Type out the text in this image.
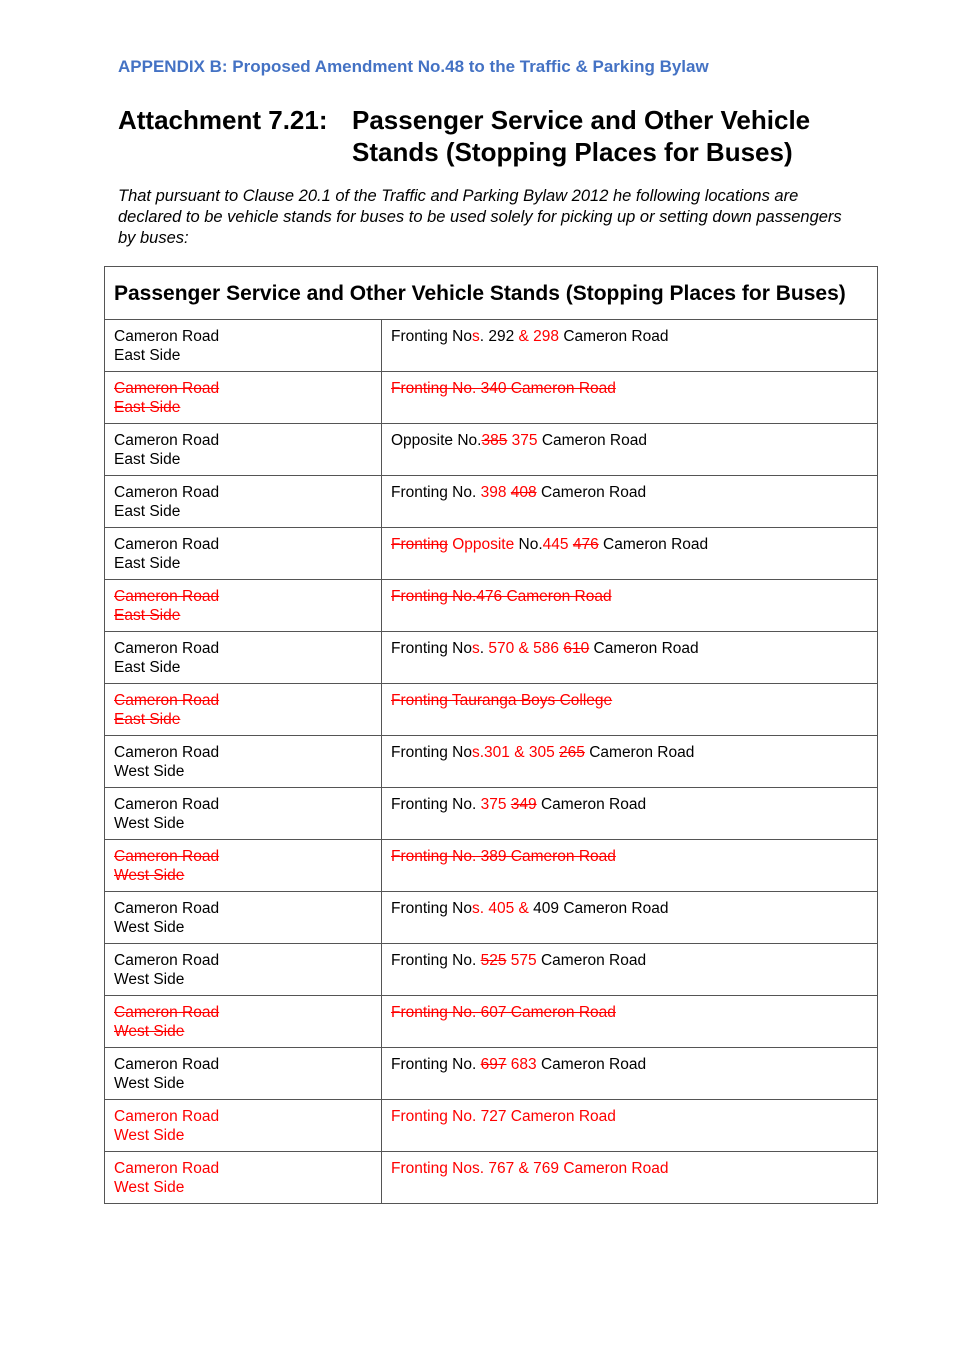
APPENDIX B: Proposed Amendment No.48 to the Traffic & Parking Bylaw
Attachment 7.21: Passenger Service and Other Vehicle Stands (Stopping Places for Buses)
That pursuant to Clause 20.1 of the Traffic and Parking Bylaw 2012 he following locations are declared to be vehicle stands for buses to be used solely for picking up or setting down passengers by buses:
Passenger Service and Other Vehicle Stands (Stopping Places for Buses)	

Cameron Road
East Side	Fronting Nos. 292 & 298 Cameron Road

Cameron Road
East Side	Fronting No. 340 Cameron Road

Cameron Road
East Side	Opposite No.385 375 Cameron Road

Cameron Road
East Side	Fronting No. 398 408 Cameron Road

Cameron Road
East Side	Fronting Opposite No.445 476 Cameron Road

Cameron Road
East Side	Fronting No.476 Cameron Road

Cameron Road
East Side	Fronting Nos. 570 & 586 610 Cameron Road

Cameron Road
East Side	Fronting Tauranga Boys College

Cameron Road
West Side	Fronting Nos.301 & 305 265 Cameron Road

Cameron Road
West Side	Fronting No. 375 349 Cameron Road

Cameron Road
West Side	Fronting No. 389 Cameron Road

Cameron Road
West Side	Fronting Nos. 405 & 409 Cameron Road

Cameron Road
West Side	Fronting No. 525 575 Cameron Road

Cameron Road
West Side	Fronting No. 607 Cameron Road

Cameron Road
West Side	Fronting No. 697 683 Cameron Road

Cameron Road
West Side	Fronting No. 727 Cameron Road

Cameron Road
West Side	Fronting Nos. 767 & 769 Cameron Road
